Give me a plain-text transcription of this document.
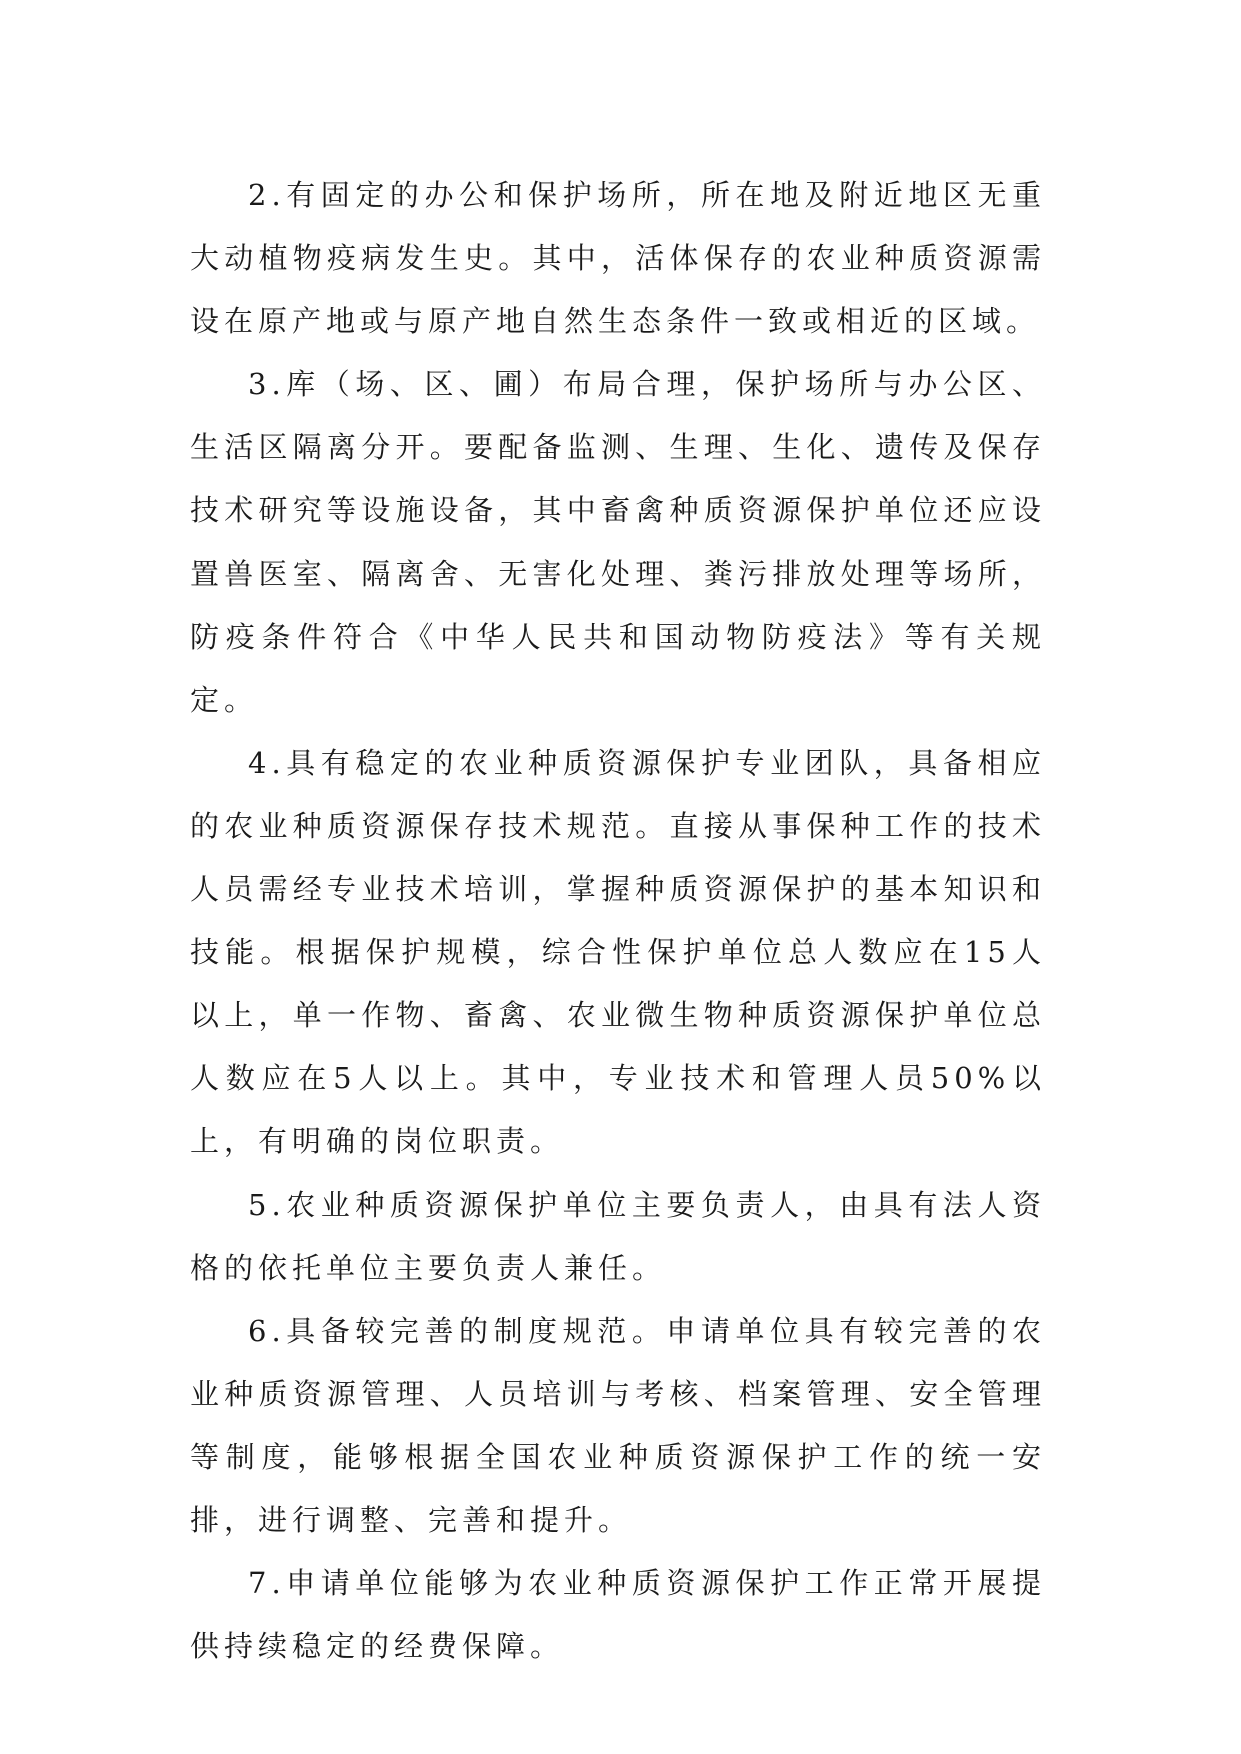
2.有固定的办公和保护场所，所在地及附近地区无重大动植物疫病发生史。其中，活体保存的农业种质资源需设在原产地或与原产地自然生态条件一致或相近的区域。

3.库（场、区、圃）布局合理，保护场所与办公区、生活区隔离分开。要配备监测、生理、生化、遗传及保存技术研究等设施设备，其中畜禽种质资源保护单位还应设置兽医室、隔离舍、无害化处理、粪污排放处理等场所，防疫条件符合《中华人民共和国动物防疫法》等有关规定。

4.具有稳定的农业种质资源保护专业团队，具备相应的农业种质资源保存技术规范。直接从事保种工作的技术人员需经专业技术培训，掌握种质资源保护的基本知识和技能。根据保护规模，综合性保护单位总人数应在15人以上，单一作物、畜禽、农业微生物种质资源保护单位总人数应在5人以上。其中，专业技术和管理人员50%以上，有明确的岗位职责。

5.农业种质资源保护单位主要负责人，由具有法人资格的依托单位主要负责人兼任。

6.具备较完善的制度规范。申请单位具有较完善的农业种质资源管理、人员培训与考核、档案管理、安全管理等制度，能够根据全国农业种质资源保护工作的统一安排，进行调整、完善和提升。

7.申请单位能够为农业种质资源保护工作正常开展提供持续稳定的经费保障。
